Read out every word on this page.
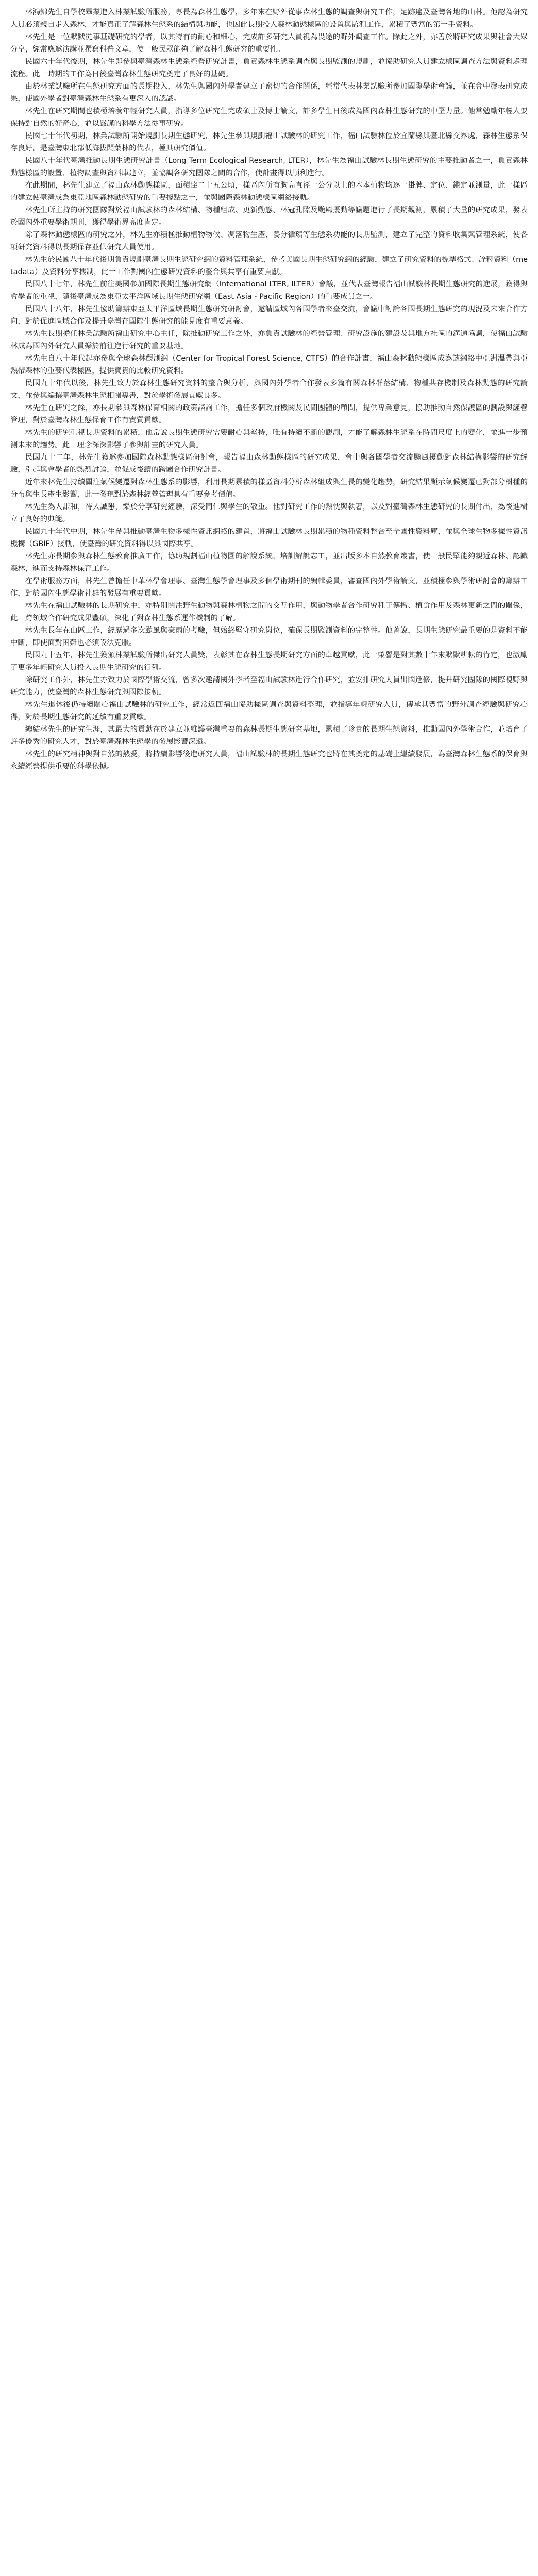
林鴻錦先生自學校畢業進入林業試驗所服務，專長為森林生態學，多年來在野外從事森林生態的調查與研究工作，足跡遍及臺灣各地的山林。他認為研究人員必須親自走入森林，才能真正了解森林生態系的結構與功能，也因此長期投入森林動態樣區的設置與監測工作，累積了豐富的第一手資料。

林先生是一位默默從事基礎研究的學者，以其特有的耐心和細心，完成許多研究人員視為畏途的野外調查工作。除此之外，亦善於將研究成果與社會大眾分享，經常應邀演講並撰寫科普文章，使一般民眾能夠了解森林生態研究的重要性。

民國六十年代後期，林先生即參與臺灣森林生態系經營研究計畫，負責森林生態系調查與長期監測的規劃，並協助研究人員建立樣區調查方法與資料處理流程。此一時期的工作為日後臺灣森林生態研究奠定了良好的基礎。

由於林業試驗所在生態研究方面的長期投入，林先生與國內外學者建立了密切的合作關係，經常代表林業試驗所參加國際學術會議，並在會中發表研究成果，使國外學者對臺灣森林生態系有更深入的認識。

林先生在研究期間也積極培養年輕研究人員，指導多位研究生完成碩士及博士論文，許多學生日後成為國內森林生態研究的中堅力量。他常勉勵年輕人要保持對自然的好奇心，並以嚴謹的科學方法從事研究。

民國七十年代初期，林業試驗所開始規劃長期生態研究，林先生參與規劃福山試驗林的研究工作，福山試驗林位於宜蘭縣與臺北縣交界處，森林生態系保存良好，是臺灣東北部低海拔闊葉林的代表，極具研究價值。

民國八十年代臺灣推動長期生態研究計畫（Long Term Ecological Research, LTER），林先生為福山試驗林長期生態研究的主要推動者之一，負責森林動態樣區的設置、植物調查與資料庫建立，並協調各研究團隊之間的合作，使計畫得以順利進行。

在此期間，林先生建立了福山森林動態樣區，面積達二十五公頃，樣區內所有胸高直徑一公分以上的木本植物均逐一掛牌、定位、鑑定並測量，此一樣區的建立使臺灣成為東亞地區森林動態研究的重要據點之一，並與國際森林動態樣區網絡接軌。

林先生所主持的研究團隊對於福山試驗林的森林結構、物種組成、更新動態、林冠孔隙及颱風擾動等議題進行了長期觀測，累積了大量的研究成果，發表於國內外重要學術期刊，獲得學術界高度肯定。

除了森林動態樣區的研究之外，林先生亦積極推動植物物候、凋落物生產、養分循環等生態系功能的長期監測，建立了完整的資料收集與管理系統，使各項研究資料得以長期保存並供研究人員使用。

林先生於民國八十年代後期負責規劃臺灣長期生態研究網的資料管理系統，參考美國長期生態研究網的經驗，建立了研究資料的標準格式、詮釋資料（metadata）及資料分享機制，此一工作對國內生態研究資料的整合與共享有重要貢獻。

民國八十七年，林先生前往美國參加國際長期生態研究網（International LTER, ILTER）會議，並代表臺灣報告福山試驗林長期生態研究的進展，獲得與會學者的重視，隨後臺灣成為東亞太平洋區域長期生態研究網（East Asia - Pacific Region）的重要成員之一。

民國八十八年，林先生協助籌辦東亞太平洋區域長期生態研究研討會，邀請區域內各國學者來臺交流，會議中討論各國長期生態研究的現況及未來合作方向，對於促進區域合作及提升臺灣在國際生態研究的能見度有重要意義。

林先生長期擔任林業試驗所福山研究中心主任，除推動研究工作之外，亦負責試驗林的經營管理、研究設施的建設及與地方社區的溝通協調，使福山試驗林成為國內外研究人員樂於前往進行研究的重要基地。

林先生自八十年代起亦參與全球森林觀測網（Center for Tropical Forest Science, CTFS）的合作計畫，福山森林動態樣區成為該網絡中亞洲溫帶與亞熱帶森林的重要代表樣區，提供寶貴的比較研究資料。

民國九十年代以後，林先生致力於森林生態研究資料的整合與分析，與國內外學者合作發表多篇有關森林群落結構、物種共存機制及森林動態的研究論文，並參與編撰臺灣森林生態相關專書，對於學術發展貢獻良多。

林先生在研究之餘，亦長期參與森林保育相關的政策諮詢工作，擔任多個政府機關及民間團體的顧問，提供專業意見，協助推動自然保護區的劃設與經營管理，對於臺灣森林生態保育工作有實質貢獻。

林先生的研究重視長期資料的累積，他常說長期生態研究需要耐心與堅持，唯有持續不斷的觀測，才能了解森林生態系在時間尺度上的變化，並進一步預測未來的趨勢。此一理念深深影響了參與計畫的研究人員。

民國九十二年，林先生獲邀參加國際森林動態樣區研討會，報告福山森林動態樣區的研究成果，會中與各國學者交流颱風擾動對森林結構影響的研究經驗，引起與會學者的熱烈討論，並促成後續的跨國合作研究計畫。

近年來林先生持續關注氣候變遷對森林生態系的影響，利用長期累積的樣區資料分析森林組成與生長的變化趨勢，研究結果顯示氣候變遷已對部分樹種的分布與生長產生影響，此一發現對於森林經營管理具有重要參考價值。

林先生為人謙和，待人誠懇，樂於分享研究經驗，深受同仁與學生的敬重。他對研究工作的熱忱與執著，以及對臺灣森林生態研究的長期付出，為後進樹立了良好的典範。

民國九十年代中期，林先生參與推動臺灣生物多樣性資訊網絡的建置，將福山試驗林長期累積的物種資料整合至全國性資料庫，並與全球生物多樣性資訊機構（GBIF）接軌，使臺灣的研究資料得以與國際共享。

林先生亦長期參與森林生態教育推廣工作，協助規劃福山植物園的解說系統，培訓解說志工，並出版多本自然教育叢書，使一般民眾能夠親近森林、認識森林，進而支持森林保育工作。

在學術服務方面，林先生曾擔任中華林學會理事、臺灣生態學會理事及多個學術期刊的編輯委員，審查國內外學術論文，並積極參與學術研討會的籌辦工作，對於國內生態學術社群的發展有重要貢獻。

林先生在福山試驗林的長期研究中，亦特別關注野生動物與森林植物之間的交互作用，與動物學者合作研究種子傳播、植食作用及森林更新之間的關係，此一跨領域合作研究成果豐碩，深化了對森林生態系運作機制的了解。

林先生長年在山區工作，經歷過多次颱風與豪雨的考驗，但始終堅守研究崗位，確保長期監測資料的完整性。他曾說，長期生態研究最重要的是資料不能中斷，即使面對困難也必須設法克服。

民國九十五年，林先生獲頒林業試驗所傑出研究人員獎，表彰其在森林生態長期研究方面的卓越貢獻，此一榮譽是對其數十年來默默耕耘的肯定，也激勵了更多年輕研究人員投入長期生態研究的行列。

除研究工作外，林先生亦致力於國際學術交流，曾多次邀請國外學者至福山試驗林進行合作研究，並安排研究人員出國進修，提升研究團隊的國際視野與研究能力，使臺灣的森林生態研究與國際接軌。

林先生退休後仍持續關心福山試驗林的研究工作，經常返回福山協助樣區調查與資料整理，並指導年輕研究人員，傳承其豐富的野外調查經驗與研究心得，對於長期生態研究的延續有重要貢獻。

總結林先生的研究生涯，其最大的貢獻在於建立並維護臺灣重要的森林長期生態研究基地，累積了珍貴的長期生態資料，推動國內外學術合作，並培育了許多優秀的研究人才，對於臺灣森林生態學的發展影響深遠。

林先生的研究精神與對自然的熱愛，將持續影響後進研究人員，福山試驗林的長期生態研究也將在其奠定的基礎上繼續發展，為臺灣森林生態系的保育與永續經營提供重要的科學依據。
